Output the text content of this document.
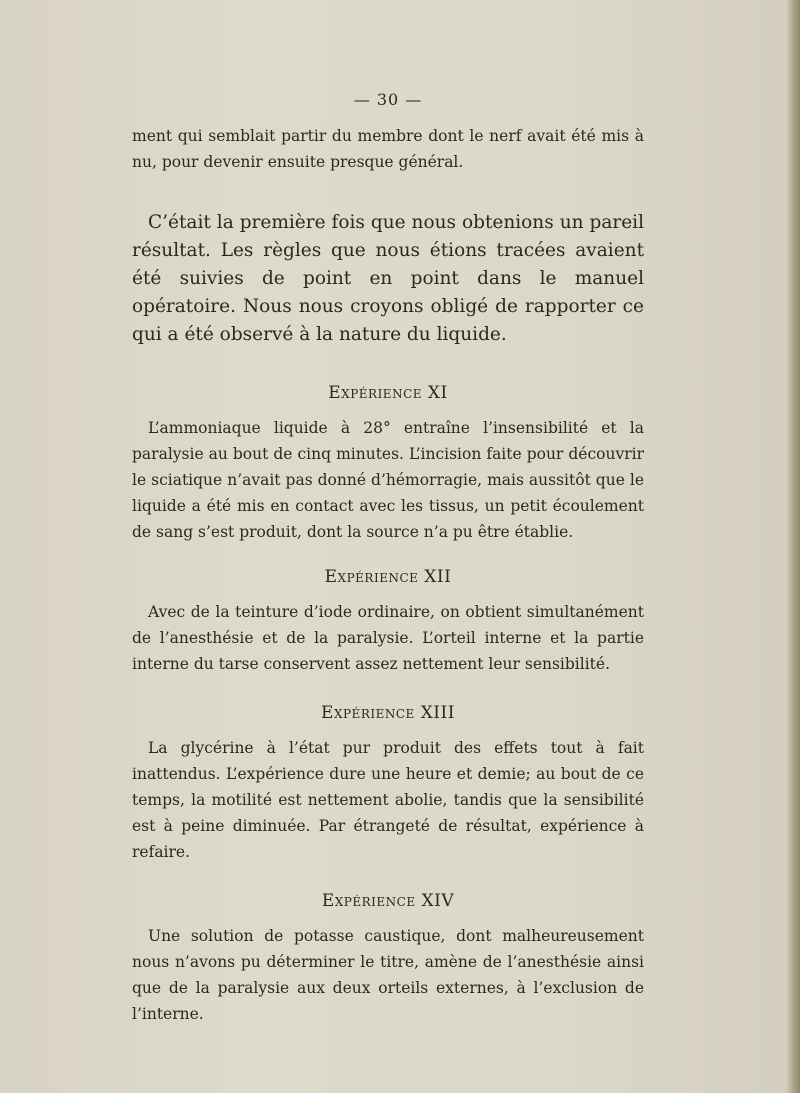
— 30 —

ment qui semblait partir du membre dont le nerf avait été mis à nu, pour devenir ensuite presque général.

C’était la première fois que nous obtenions un pareil résultat. Les règles que nous étions tracées avaient été suivies de point en point dans le manuel opératoire. Nous nous croyons obligé de rapporter ce qui a été observé à la nature du liquide.

Expérience XI

L’ammoniaque liquide à 28° entraîne l’insensibilité et la paralysie au bout de cinq minutes. L’incision faite pour découvrir le sciatique n’avait pas donné d’hémorragie, mais aussitôt que le liquide a été mis en contact avec les tissus, un petit écoulement de sang s’est produit, dont la source n’a pu être établie.

Expérience XII

Avec de la teinture d’iode ordinaire, on obtient simultanément de l’anesthésie et de la paralysie. L’orteil interne et la partie interne du tarse conservent assez nettement leur sensibilité.

Expérience XIII

La glycérine à l’état pur produit des effets tout à fait inattendus. L’expérience dure une heure et demie; au bout de ce temps, la motilité est nettement abolie, tandis que la sensibilité est à peine diminuée. Par étrangeté de résultat, expérience à refaire.

Expérience XIV

Une solution de potasse caustique, dont malheureusement nous n’avons pu déterminer le titre, amène de l’anesthésie ainsi que de la paralysie aux deux orteils externes, à l’exclusion de l’interne.
